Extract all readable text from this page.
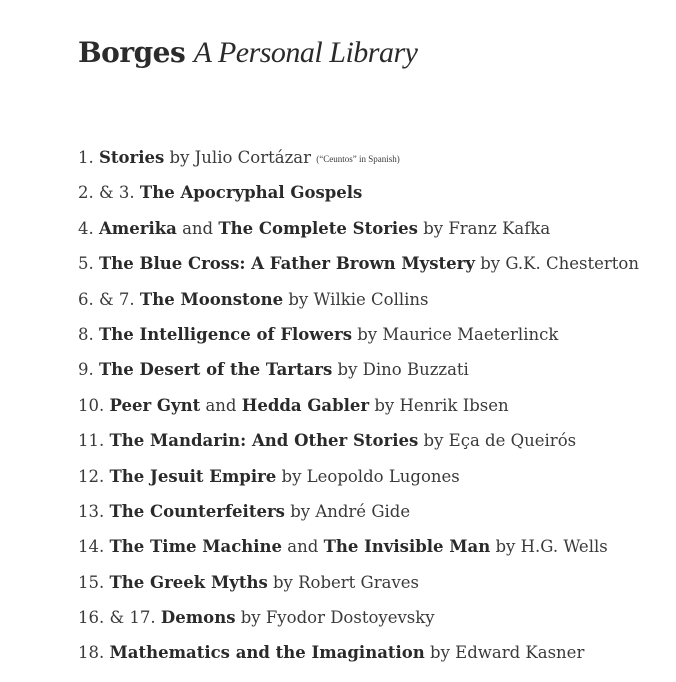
Borges A Personal Library
1. Stories by Julio Cortázar (“Ceuntos” in Spanish)
2. & 3. The Apocryphal Gospels
4. Amerika and The Complete Stories by Franz Kafka
5. The Blue Cross: A Father Brown Mystery by G.K. Chesterton
6. & 7. The Moonstone by Wilkie Collins
8. The Intelligence of Flowers by Maurice Maeterlinck
9. The Desert of the Tartars by Dino Buzzati
10. Peer Gynt and Hedda Gabler by Henrik Ibsen
11. The Mandarin: And Other Stories by Eça de Queirós
12. The Jesuit Empire by Leopoldo Lugones
13. The Counterfeiters by André Gide
14. The Time Machine and The Invisible Man by H.G. Wells
15. The Greek Myths by Robert Graves
16. & 17. Demons by Fyodor Dostoyevsky
18. Mathematics and the Imagination by Edward Kasner
